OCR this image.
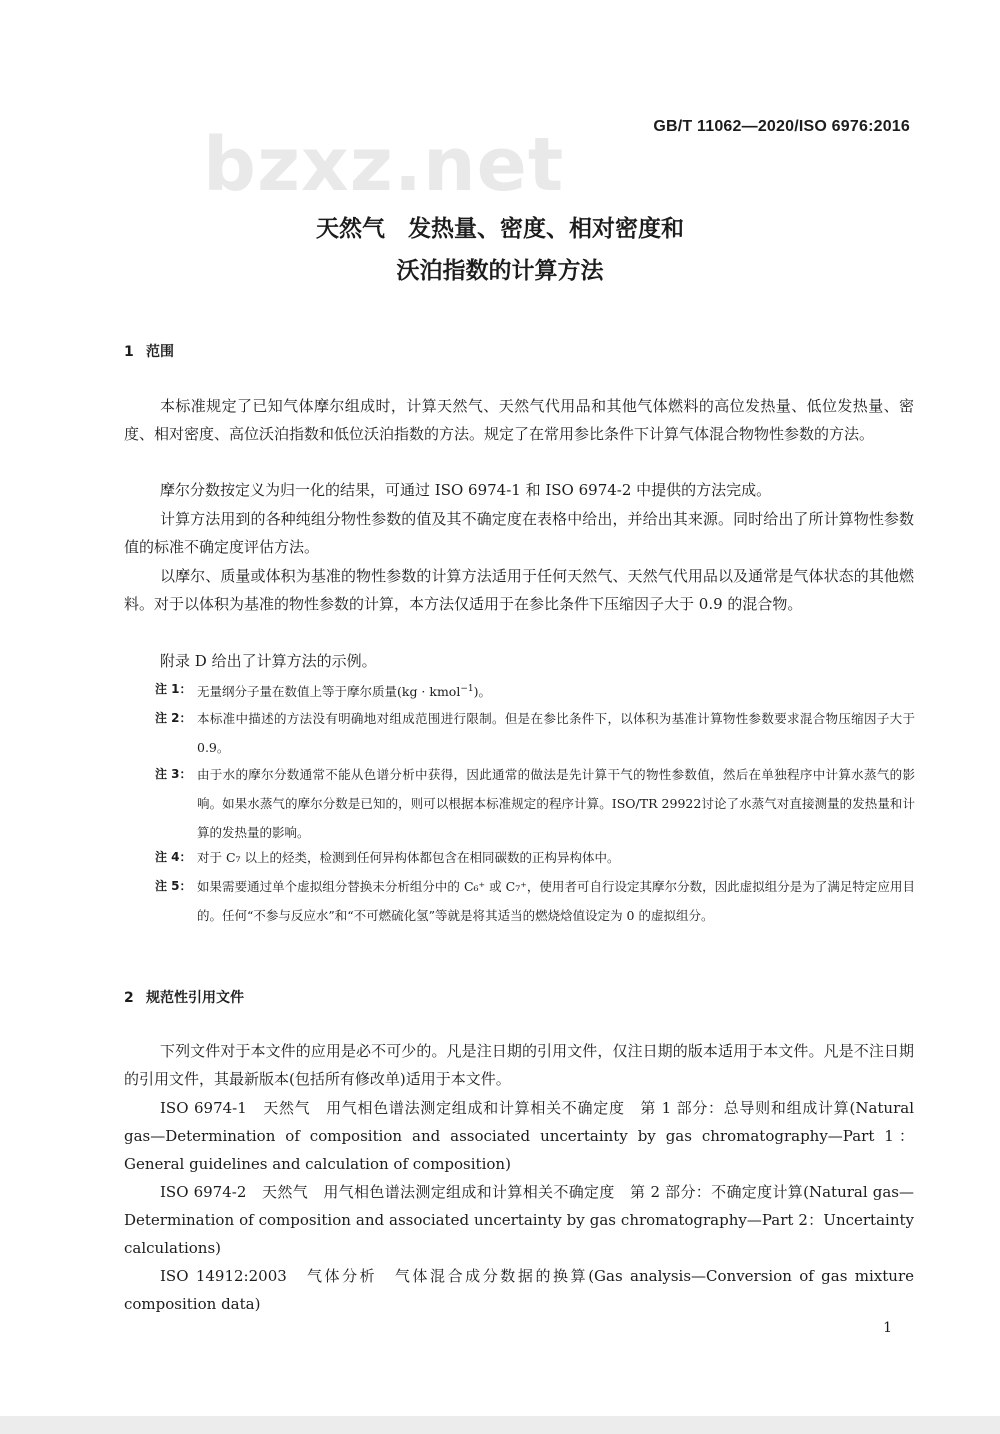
GB/T 11062—2020/ISO 6976:2016
bzxz.net
天然气　发热量、密度、相对密度和
沃泊指数的计算方法
1 范围

本标准规定了已知气体摩尔组成时，计算天然气、天然气代用品和其他气体燃料的高位发热量、低位发热量、密度、相对密度、高位沃泊指数和低位沃泊指数的方法。规定了在常用参比条件下计算气体混合物物性参数的方法。

摩尔分数按定义为归一化的结果，可通过 ISO 6974-1 和 ISO 6974-2 中提供的方法完成。

计算方法用到的各种纯组分物性参数的值及其不确定度在表格中给出，并给出其来源。同时给出了所计算物性参数值的标准不确定度评估方法。

以摩尔、质量或体积为基准的物性参数的计算方法适用于任何天然气、天然气代用品以及通常是气体状态的其他燃料。对于以体积为基准的物性参数的计算，本方法仅适用于在参比条件下压缩因子大于 0.9 的混合物。

附录 D 给出了计算方法的示例。

注 1： 无量纲分子量在数值上等于摩尔质量(kg · kmol$^{-1}$)。
注 2： 本标准中描述的方法没有明确地对组成范围进行限制。但是在参比条件下，以体积为基准计算物性参数要求混合物压缩因子大于 0.9。
注 3： 由于水的摩尔分数通常不能从色谱分析中获得，因此通常的做法是先计算干气的物性参数值，然后在单独程序中计算水蒸气的影响。如果水蒸气的摩尔分数是已知的，则可以根据本标准规定的程序计算。ISO/TR 29922讨论了水蒸气对直接测量的发热量和计算的发热量的影响。
注 4： 对于 C₇ 以上的烃类，检测到任何异构体都包含在相同碳数的正构异构体中。
注 5： 如果需要通过单个虚拟组分替换未分析组分中的 C₆⁺ 或 C₇⁺，使用者可自行设定其摩尔分数，因此虚拟组分是为了满足特定应用目的。任何“不参与反应水”和“不可燃硫化氢”等就是将其适当的燃烧焓值设定为 0 的虚拟组分。
2 规范性引用文件

下列文件对于本文件的应用是必不可少的。凡是注日期的引用文件，仅注日期的版本适用于本文件。凡是不注日期的引用文件，其最新版本(包括所有修改单)适用于本文件。

ISO 6974-1　天然气　用气相色谱法测定组成和计算相关不确定度　第 1 部分：总导则和组成计算(Natural gas—Determination of composition and associated uncertainty by gas chromatography—Part 1：General guidelines and calculation of composition)

ISO 6974-2　天然气　用气相色谱法测定组成和计算相关不确定度　第 2 部分：不确定度计算(Natural gas—Determination of composition and associated uncertainty by gas chromatography—Part 2：Uncertainty calculations)

ISO 14912:2003　气体分析　气体混合成分数据的换算(Gas analysis—Conversion of gas mixture composition data)

1
